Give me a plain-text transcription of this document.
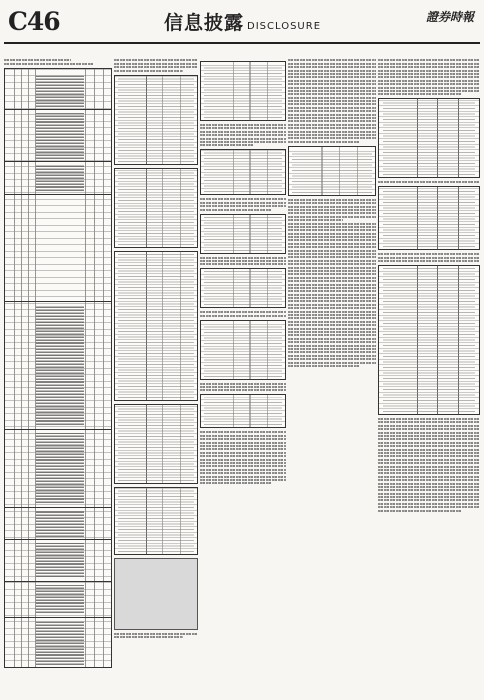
C46	信息披露 DISCLOSURE
證券時報
